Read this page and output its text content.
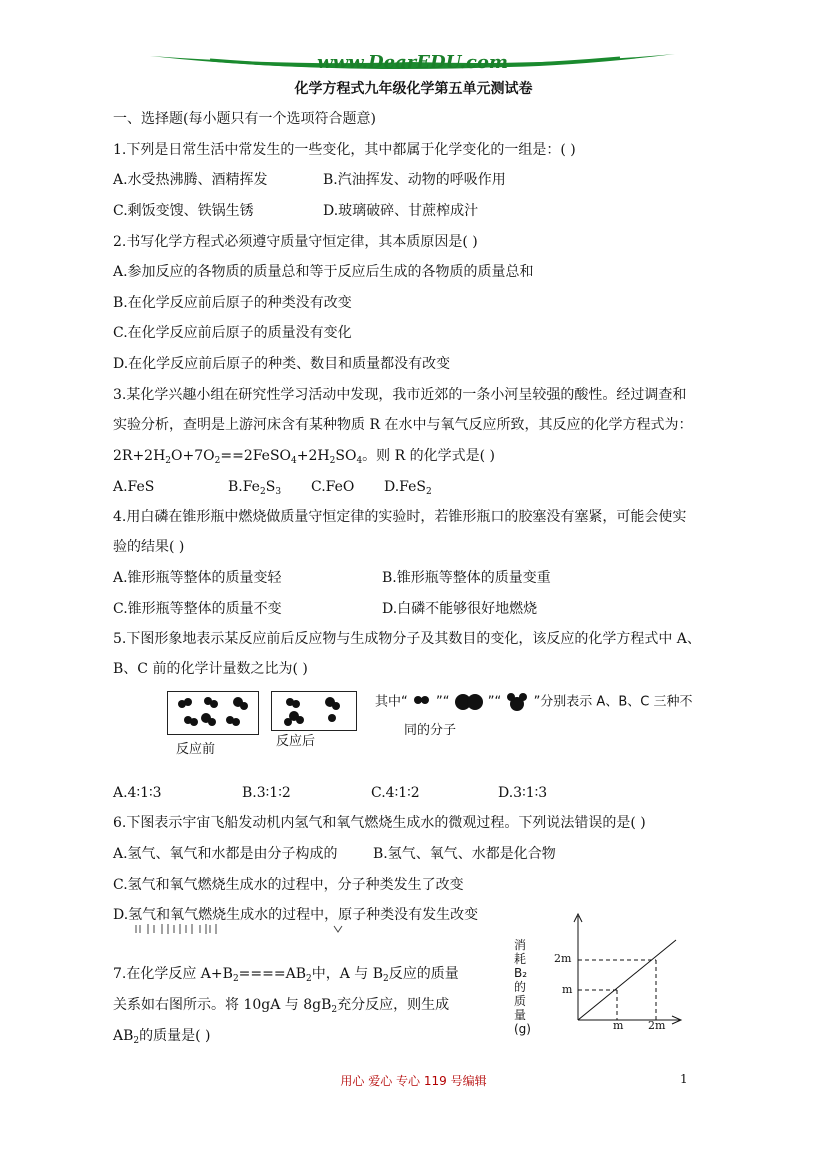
www.DearEDU.com
化学方程式九年级化学第五单元测试卷
一、选择题(每小题只有一个选项符合题意)
1.下列是日常生活中常发生的一些变化，其中都属于化学变化的一组是：( )
A.水受热沸腾、酒精挥发	B.汽油挥发、动物的呼吸作用
C.剩饭变馊、铁锅生锈	D.玻璃破碎、甘蔗榨成汁
2.书写化学方程式必须遵守质量守恒定律，其本质原因是( )
A.参加反应的各物质的质量总和等于反应后生成的各物质的质量总和
B.在化学反应前后原子的种类没有改变
C.在化学反应前后原子的质量没有变化
D.在化学反应前后原子的种类、数目和质量都没有改变
3.某化学兴趣小组在研究性学习活动中发现，我市近郊的一条小河呈较强的酸性。经过调查和
实验分析，查明是上游河床含有某种物质 R 在水中与氧气反应所致，其反应的化学方程式为：
$2R+2H_2O+7O_2==2FeSO_4+2H_2SO_4$。则 R 的化学式是( )
A.FeS	$B.Fe_2S_3$ C.FeO D.FeS$_2$
4.用白磷在锥形瓶中燃烧做质量守恒定律的实验时，若锥形瓶口的胶塞没有塞紧，可能会使实
验的结果( )
A.锥形瓶等整体的质量变轻	B.锥形瓶等整体的质量变重
C.锥形瓶等整体的质量不变	D.白磷不能够很好地燃烧
5.下图形象地表示某反应前后反应物与生成物分子及其数目的变化，该反应的化学方程式中 A、
B、C 前的化学计量数之比为( )
反应前
反应后
其中“ ”“	”“ ”分别表示 A、B、C 三种不
同的分子
A.4∶1∶3	B.3∶1∶2	C.4∶1∶2	D.3∶1∶3
6.下图表示宇宙飞船发动机内氢气和氧气燃烧生成水的微观过程。下列说法错误的是( )
A.氢气、氧气和水都是由分子构成的	B.氢气、氧气、水都是化合物
C.氢气和氧气燃烧生成水的过程中，分子种类发生了改变
D.氢气和氧气燃烧生成水的过程中，原子种类没有发生改变
7.在化学反应 $A+B_2====AB_2$中，A 与 $B_2$反应的质量
关系如右图所示。将 10gA 与 $8gB_2$充分反应，则生成
$AB_2$的质量是( )
消耗B₂的质量(g)
2m
m
m 2m
用心 爱心 专心 119 号编辑	1
